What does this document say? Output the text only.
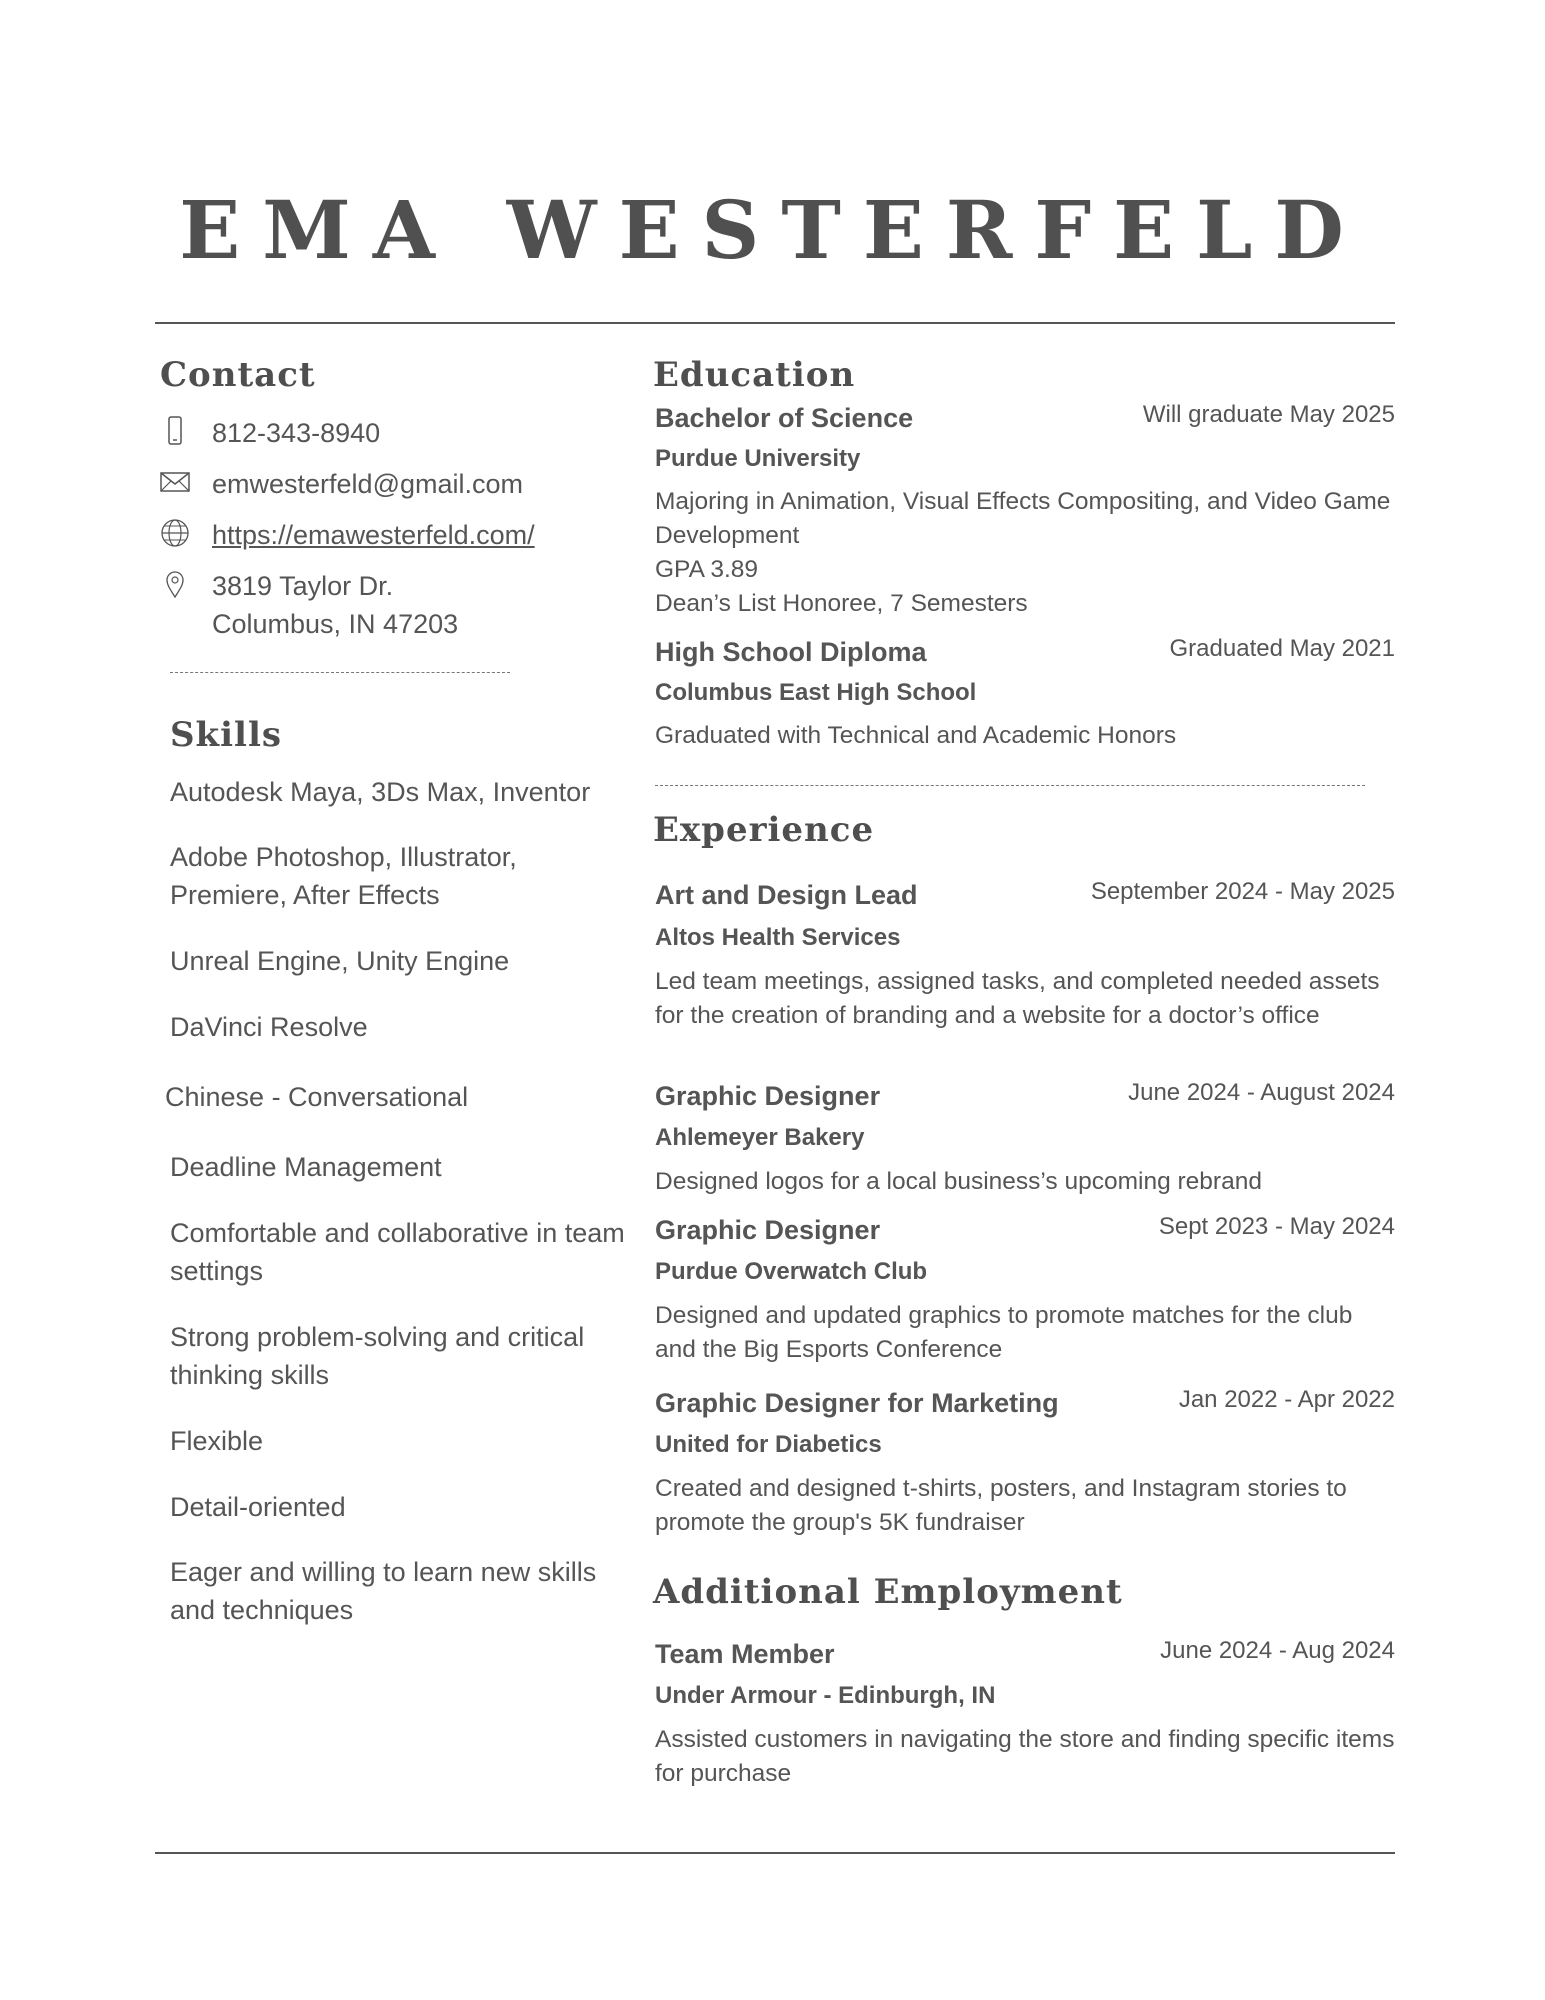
EMA WESTERFELD
Contact
812-343-8940
emwesterfeld@gmail.com
https://emawesterfeld.com/
3819 Taylor Dr.
Columbus, IN 47203
Skills
Autodesk Maya, 3Ds Max, Inventor
Adobe Photoshop, Illustrator, Premiere, After Effects
Unreal Engine, Unity Engine
DaVinci Resolve
Chinese - Conversational
Deadline Management
Comfortable and collaborative in team settings
Strong problem-solving and critical thinking skills
Flexible
Detail-oriented
Eager and willing to learn new skills and techniques
Education
Bachelor of Science	Will graduate May 2025
Purdue University
Majoring in Animation, Visual Effects Compositing, and Video Game Development
GPA 3.89
Dean’s List Honoree, 7 Semesters
High School Diploma	Graduated May 2021
Columbus East High School
Graduated with Technical and Academic Honors
Experience
Art and Design Lead	September 2024 - May 2025
Altos Health Services
Led team meetings, assigned tasks, and completed needed assets for the creation of branding and a website for a doctor’s office
Graphic Designer	June 2024 - August 2024
Ahlemeyer Bakery
Designed logos for a local business’s upcoming rebrand
Graphic Designer	Sept 2023 - May 2024
Purdue Overwatch Club
Designed and updated graphics to promote matches for the club and the Big Esports Conference
Graphic Designer for Marketing	Jan 2022 - Apr 2022
United for Diabetics
Created and designed t-shirts, posters, and Instagram stories to promote the group's 5K fundraiser
Additional Employment
Team Member	June 2024 - Aug 2024
Under Armour - Edinburgh, IN
Assisted customers in navigating the store and finding specific items for purchase
